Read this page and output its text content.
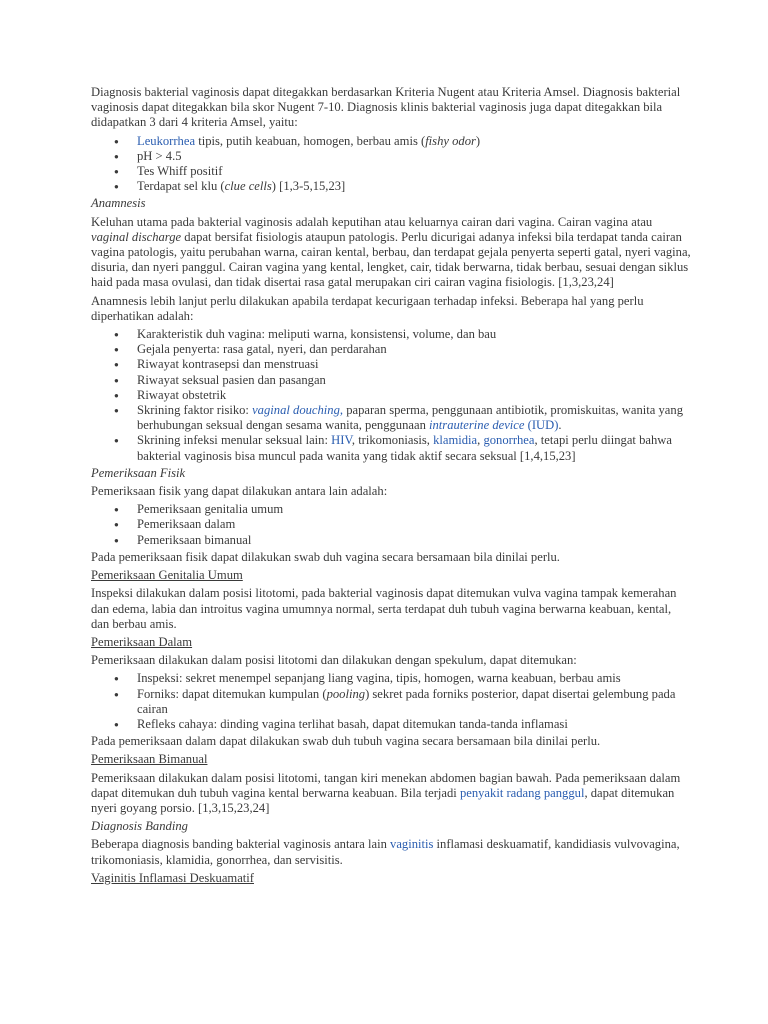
Diagnosis bakterial vaginosis dapat ditegakkan berdasarkan Kriteria Nugent atau Kriteria Amsel. Diagnosis bakterial vaginosis dapat ditegakkan bila skor Nugent 7-10. Diagnosis klinis bakterial vaginosis juga dapat ditegakkan bila didapatkan 3 dari 4 kriteria Amsel, yaitu:

● Leukorrhea tipis, putih keabuan, homogen, berbau amis (fishy odor)
● pH > 4.5
● Tes Whiff positif
● Terdapat sel klu (clue cells) [1,3-5,15,23]
Anamnesis

Keluhan utama pada bakterial vaginosis adalah keputihan atau keluarnya cairan dari vagina. Cairan vagina atau vaginal discharge dapat bersifat fisiologis ataupun patologis. Perlu dicurigai adanya infeksi bila terdapat tanda cairan vagina patologis, yaitu perubahan warna, cairan kental, berbau, dan terdapat gejala penyerta seperti gatal, nyeri vagina, disuria, dan nyeri panggul. Cairan vagina yang kental, lengket, cair, tidak berwarna, tidak berbau, sesuai dengan siklus haid pada masa ovulasi, dan tidak disertai rasa gatal merupakan ciri cairan vagina fisiologis. [1,3,23,24]

Anamnesis lebih lanjut perlu dilakukan apabila terdapat kecurigaan terhadap infeksi. Beberapa hal yang perlu diperhatikan adalah:

● Karakteristik duh vagina: meliputi warna, konsistensi, volume, dan bau
● Gejala penyerta: rasa gatal, nyeri, dan perdarahan
● Riwayat kontrasepsi dan menstruasi
● Riwayat seksual pasien dan pasangan
● Riwayat obstetrik
● Skrining faktor risiko: vaginal douching, paparan sperma, penggunaan antibiotik, promiskuitas, wanita yang berhubungan seksual dengan sesama wanita, penggunaan intrauterine device (IUD).
● Skrining infeksi menular seksual lain: HIV, trikomoniasis, klamidia, gonorrhea, tetapi perlu diingat bahwa bakterial vaginosis bisa muncul pada wanita yang tidak aktif secara seksual [1,4,15,23]
Pemeriksaan Fisik

Pemeriksaan fisik yang dapat dilakukan antara lain adalah:

● Pemeriksaan genitalia umum
● Pemeriksaan dalam
● Pemeriksaan bimanual

Pada pemeriksaan fisik dapat dilakukan swab duh vagina secara bersamaan bila dinilai perlu.

Pemeriksaan Genitalia Umum

Inspeksi dilakukan dalam posisi litotomi, pada bakterial vaginosis dapat ditemukan vulva vagina tampak kemerahan dan edema, labia dan introitus vagina umumnya normal, serta terdapat duh tubuh vagina berwarna keabuan, kental, dan berbau amis.

Pemeriksaan Dalam

Pemeriksaan dilakukan dalam posisi litotomi dan dilakukan dengan spekulum, dapat ditemukan:

● Inspeksi: sekret menempel sepanjang liang vagina, tipis, homogen, warna keabuan, berbau amis
● Forniks: dapat ditemukan kumpulan (pooling) sekret pada forniks posterior, dapat disertai gelembung pada cairan
● Refleks cahaya: dinding vagina terlihat basah, dapat ditemukan tanda-tanda inflamasi

Pada pemeriksaan dalam dapat dilakukan swab duh tubuh vagina secara bersamaan bila dinilai perlu.

Pemeriksaan Bimanual

Pemeriksaan dilakukan dalam posisi litotomi, tangan kiri menekan abdomen bagian bawah. Pada pemeriksaan dalam dapat ditemukan duh tubuh vagina kental berwarna keabuan. Bila terjadi penyakit radang panggul, dapat ditemukan nyeri goyang porsio. [1,3,15,23,24]

Diagnosis Banding

Beberapa diagnosis banding bakterial vaginosis antara lain vaginitis inflamasi deskuamatif, kandidiasis vulvovagina, trikomoniasis, klamidia, gonorrhea, dan servisitis.

Vaginitis Inflamasi Deskuamatif
